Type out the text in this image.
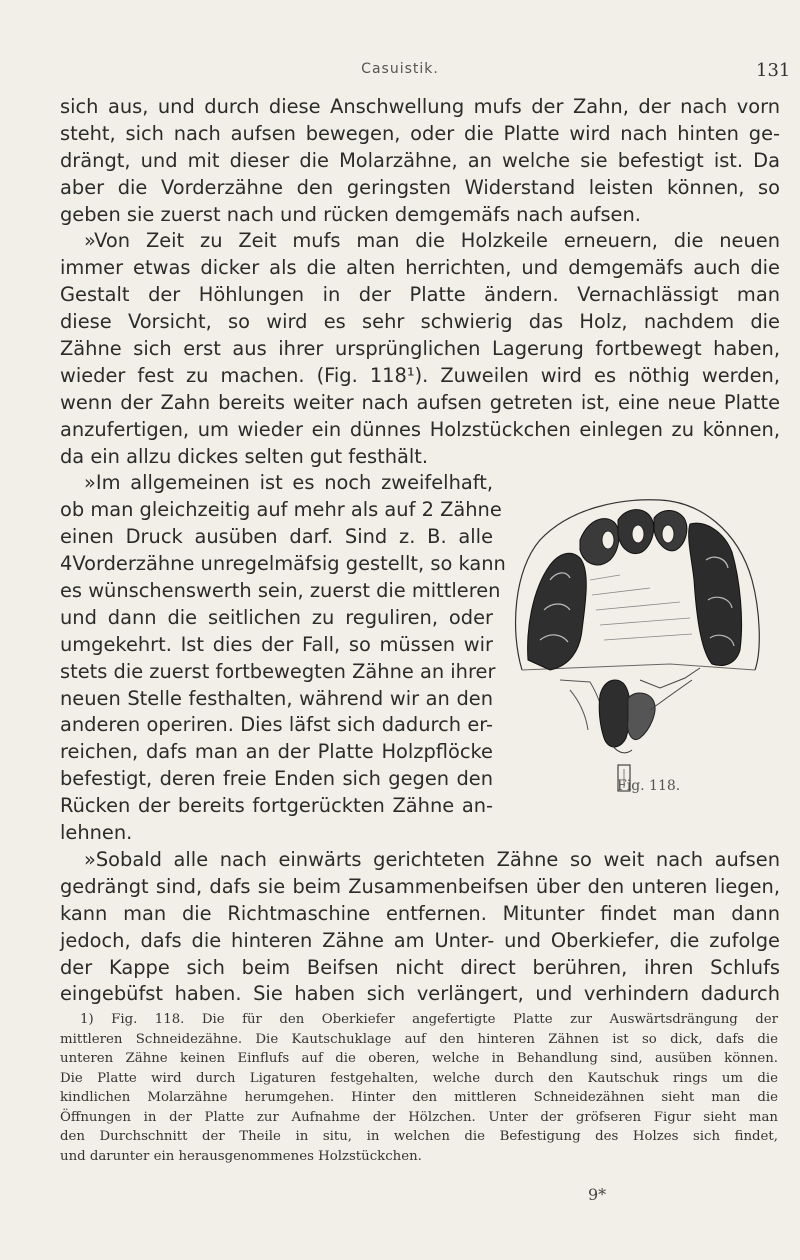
Casuistik.	131
sich aus, und durch diese Anschwellung mufs der Zahn, der nach vorn
steht, sich nach aufsen bewegen, oder die Platte wird nach hinten ge-
drängt, und mit dieser die Molarzähne, an welche sie befestigt ist. Da
aber die Vorderzähne den geringsten Widerstand leisten können, so
geben sie zuerst nach und rücken demgemäfs nach aufsen.
»Von Zeit zu Zeit mufs man die Holzkeile erneuern, die neuen
immer etwas dicker als die alten herrichten, und demgemäfs auch die
Gestalt der Höhlungen in der Platte ändern. Vernachlässigt man
diese Vorsicht, so wird es sehr schwierig das Holz, nachdem die
Zähne sich erst aus ihrer ursprünglichen Lagerung fortbewegt haben,
wieder fest zu machen. (Fig. 118¹). Zuweilen wird es nöthig werden,
wenn der Zahn bereits weiter nach aufsen getreten ist, eine neue Platte
anzufertigen, um wieder ein dünnes Holzstückchen einlegen zu können,
da ein allzu dickes selten gut festhält.
»Im allgemeinen ist es noch zweifelhaft,
ob man gleichzeitig auf mehr als auf 2 Zähne
einen Druck ausüben darf. Sind z. B. alle
4Vorderzähne unregelmäfsig gestellt, so kann
es wünschenswerth sein, zuerst die mittleren
und dann die seitlichen zu reguliren, oder
umgekehrt. Ist dies der Fall, so müssen wir
stets die zuerst fortbewegten Zähne an ihrer
neuen Stelle festhalten, während wir an den
anderen operiren. Dies läfst sich dadurch er-
reichen, dafs man an der Platte Holzpflöcke
befestigt, deren freie Enden sich gegen den
Rücken der bereits fortgerückten Zähne an-
lehnen.
»Sobald alle nach einwärts gerichteten Zähne so weit nach aufsen
gedrängt sind, dafs sie beim Zusammenbeifsen über den unteren liegen,
kann man die Richtmaschine entfernen. Mitunter findet man dann
jedoch, dafs die hinteren Zähne am Unter- und Oberkiefer, die zufolge
der Kappe sich beim Beifsen nicht direct berühren, ihren Schlufs
eingebüfst haben. Sie haben sich verlängert, und verhindern dadurch
Fig. 118.
1) Fig. 118. Die für den Oberkiefer angefertigte Platte zur Auswärtsdrängung der
mittleren Schneidezähne. Die Kautschuklage auf den hinteren Zähnen ist so dick, dafs die
unteren Zähne keinen Einflufs auf die oberen, welche in Behandlung sind, ausüben können.
Die Platte wird durch Ligaturen festgehalten, welche durch den Kautschuk rings um die
kindlichen Molarzähne herumgehen. Hinter den mittleren Schneidezähnen sieht man die
Öffnungen in der Platte zur Aufnahme der Hölzchen. Unter der gröfseren Figur sieht man
den Durchschnitt der Theile in situ, in welchen die Befestigung des Holzes sich findet,
und darunter ein herausgenommenes Holzstückchen.
9*
